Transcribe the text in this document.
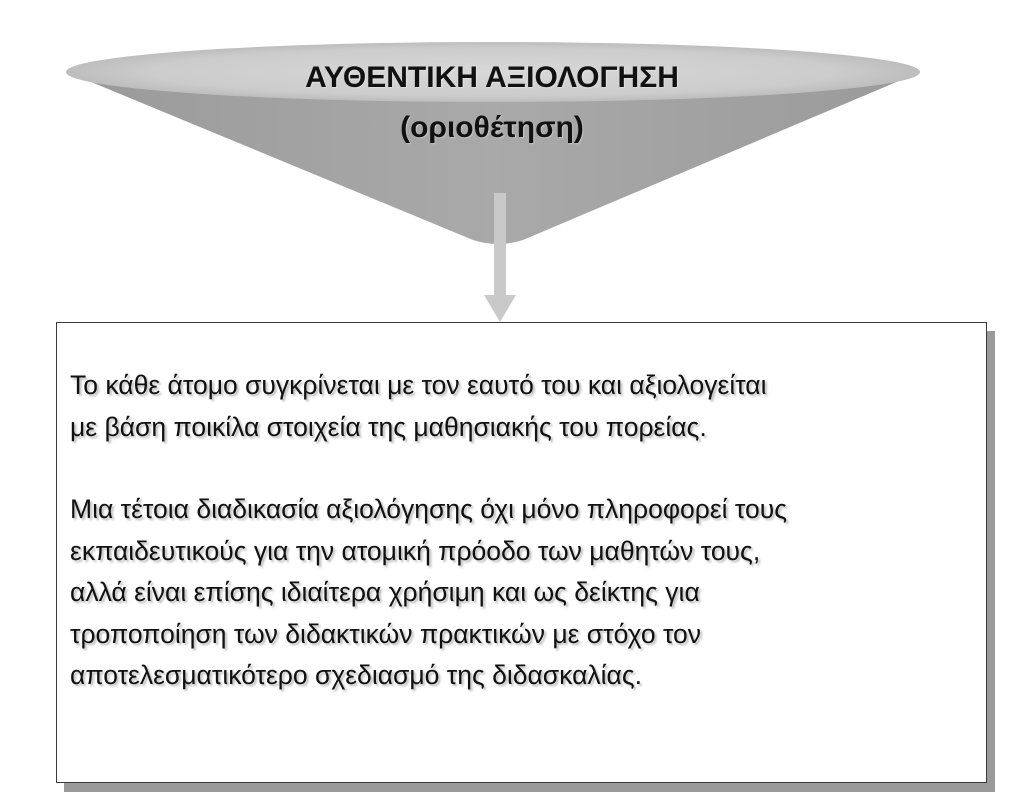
ΑΥΘΕΝΤΙΚΗ ΑΞΙΟΛΟΓΗΣΗ
(οριοθέτηση)

Το κάθε άτομο συγκρίνεται με τον εαυτό του και αξιολογείται
με βάση ποικίλα στοιχεία της μαθησιακής του πορείας.

Μια τέτοια διαδικασία αξιολόγησης όχι μόνο πληροφορεί τους
εκπαιδευτικούς για την ατομική πρόοδο των μαθητών τους,
αλλά είναι επίσης ιδιαίτερα χρήσιμη και ως δείκτης για
τροποποίηση των διδακτικών πρακτικών με στόχο τον
αποτελεσματικότερο σχεδιασμό της διδασκαλίας.
